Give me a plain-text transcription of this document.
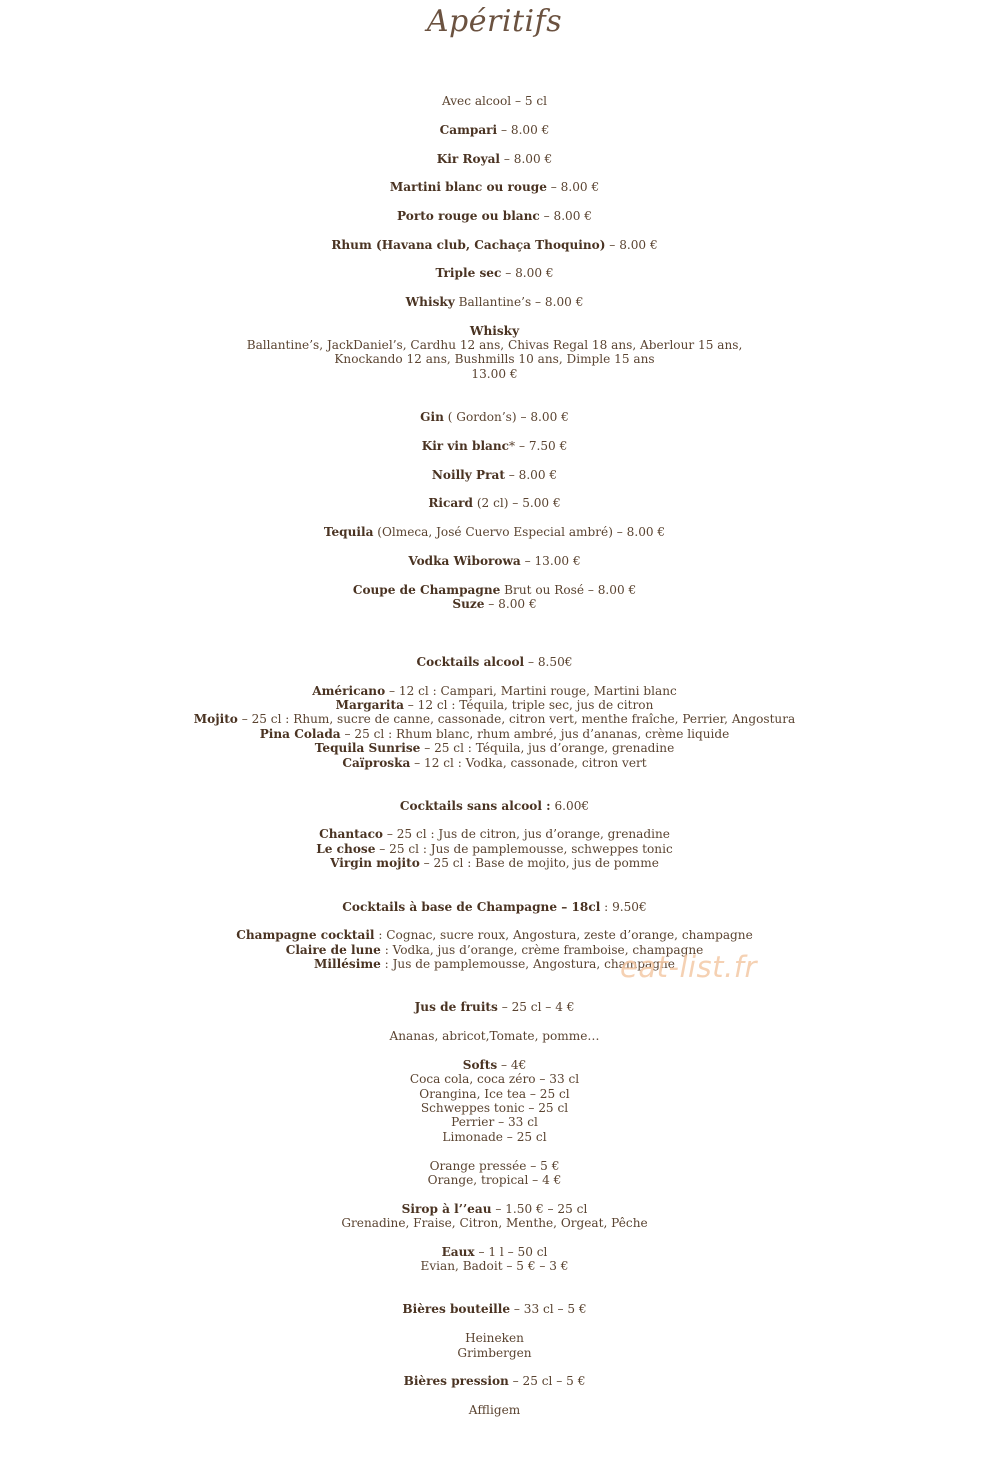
Apéritifs
Avec alcool – 5 cl
Campari – 8.00 €
Kir Royal – 8.00 €
Martini blanc ou rouge – 8.00 €
Porto rouge ou blanc – 8.00 €
Rhum (Havana club, Cachaça Thoquino) – 8.00 €
Triple sec – 8.00 €
Whisky Ballantine’s – 8.00 €
Whisky
Ballantine’s, JackDaniel’s, Cardhu 12 ans, Chivas Regal 18 ans, Aberlour 15 ans,
Knockando 12 ans, Bushmills 10 ans, Dimple 15 ans
13.00 €
Gin ( Gordon’s) – 8.00 €
Kir vin blanc* – 7.50 €
Noilly Prat – 8.00 €
Ricard (2 cl) – 5.00 €
Tequila (Olmeca, José Cuervo Especial ambré) – 8.00 €
Vodka Wiborowa – 13.00 €
Coupe de Champagne Brut ou Rosé – 8.00 €
Suze – 8.00 €
Cocktails alcool – 8.50€
Américano – 12 cl : Campari, Martini rouge, Martini blanc
Margarita – 12 cl : Téquila, triple sec, jus de citron
Mojito – 25 cl : Rhum, sucre de canne, cassonade, citron vert, menthe fraîche, Perrier, Angostura
Pina Colada – 25 cl : Rhum blanc, rhum ambré, jus d’ananas, crème liquide
Tequila Sunrise – 25 cl : Téquila, jus d’orange, grenadine
Caïproska – 12 cl : Vodka, cassonade, citron vert
Cocktails sans alcool : 6.00€
Chantaco – 25 cl : Jus de citron, jus d’orange, grenadine
Le chose – 25 cl : Jus de pamplemousse, schweppes tonic
Virgin mojito – 25 cl : Base de mojito, jus de pomme
Cocktails à base de Champagne – 18cl : 9.50€
Champagne cocktail : Cognac, sucre roux, Angostura, zeste d’orange, champagne
Claire de lune : Vodka, jus d’orange, crème framboise, champagne
Millésime : Jus de pamplemousse, Angostura, champagne
Jus de fruits – 25 cl – 4 €
Ananas, abricot,Tomate, pomme…
Softs – 4€
Coca cola, coca zéro – 33 cl
Orangina, Ice tea – 25 cl
Schweppes tonic – 25 cl
Perrier – 33 cl
Limonade – 25 cl
Orange pressée – 5 €
Orange, tropical – 4 €
Sirop à l’’eau – 1.50 € – 25 cl
Grenadine, Fraise, Citron, Menthe, Orgeat, Pêche
Eaux – 1 l – 50 cl
Evian, Badoit – 5 € – 3 €
Bières bouteille – 33 cl – 5 €
Heineken
Grimbergen
Bières pression – 25 cl – 5 €
Affligem
eat-list.fr
